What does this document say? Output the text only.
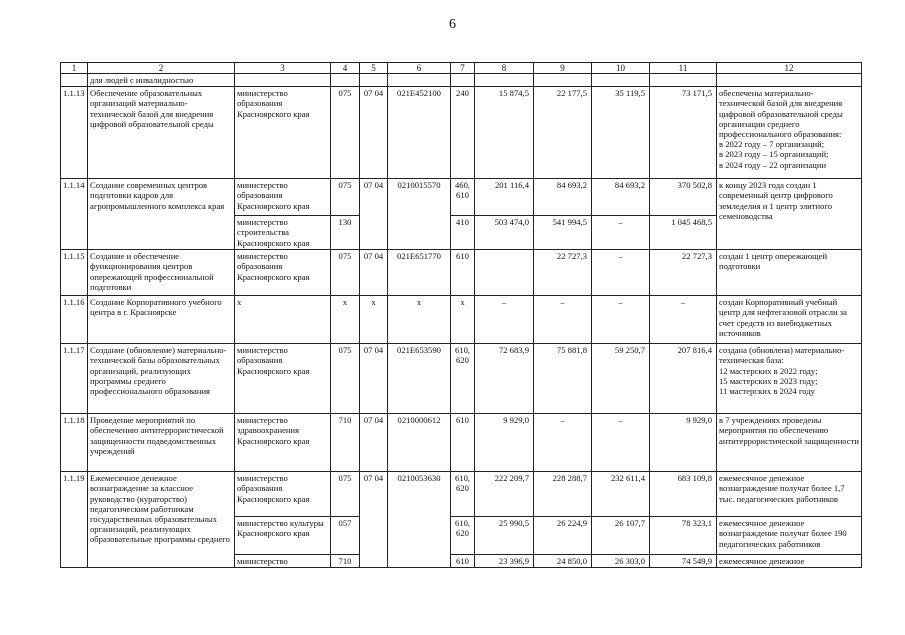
6
1	2	3	4	5	6	7	8	9	10	11	12
	для людей с инвалидностью										
1.1.13	Обеспечение образовательных организаций материально-технической базой для внедрения цифровой образовательной среды	министерство образования Красноярского края	075	07 04	021E452100	240	15 874,5	22 177,5	35 119,5	73 171,5	обеспечены материально-технической базой для внедрения цифровой образовательной среды организации среднего профессионального образования:
в 2022 году – 7 организаций;
в 2023 году – 15 организаций;
в 2024 году – 22 организации

1.1.14	Создание современных центров подготовки кадров для агропромышленного комплекса края	министерство образования Красноярского края	075	07 04	0210015570	460, 610	201 116,4	84 693,2	84 693,2	370 502,8	к концу 2023 года создан 1 современный центр цифрового земледелия и 1 центр элитного семеноводства
		министерство строительства Красноярского края	130			410	503 474,0	541 994,5	–	1 045 468,5	
1.1.15	Создание и обеспечение функционирования центров опережающей профессиональной подготовки	министерство образования Красноярского края	075	07 04	021E651770	610		22 727,3	–	22 727,3	создан 1 центр опережающей подготовки
1.1.16	Создание Корпоративного учебного центра в г. Красноярске	х	х	х	х	х	–	–	–	–	создан Корпоративный учебный центр для нефтегазовой отрасли за счет средств из внебюджетных источников
1.1.17	Создание (обновление) материально-технической базы образовательных организаций, реализующих программы среднего профессионального образования	министерство образования Красноярского края	075	07 04	021E653590	610, 620	72 683,9	75 881,8	59 250,7	207 816,4	создана (обновлена) материально-техническая база:
12 мастерских в 2022 году;
15 мастерских в 2023 году;
11 мастерских в 2024 году

1.1.18	Проведение мероприятий по обеспечению антитеррористической защищенности подведомственных учреждений	министерство здравоохранения Красноярского края	710	07 04	0210000612	610	9 929,0	–	–	9 929,0	в 7 учреждениях проведены мероприятия по обеспечению антитеррористической защищенности
1.1.19	Ежемесячное денежное вознаграждение за классное руководство (кураторство) педагогическим работникам государственных образовательных организаций, реализующих образовательные программы среднего	министерство образования Красноярского края	075	07 04	0210053630	610, 620	222 209,7	228 288,7	232 611,4	683 109,8	ежемесячное денежное вознаграждение получат более 1,7 тыс. педагогических работников
		министерство культуры Красноярского края	057			610, 620	25 990,5	26 224,9	26 107,7	78 323,1	ежемесячное денежное вознаграждение получат более 190 педагогических работников
		министерство	710			610	23 396,9	24 850,0	26 303,0	74 549,9	ежемесячное денежное
